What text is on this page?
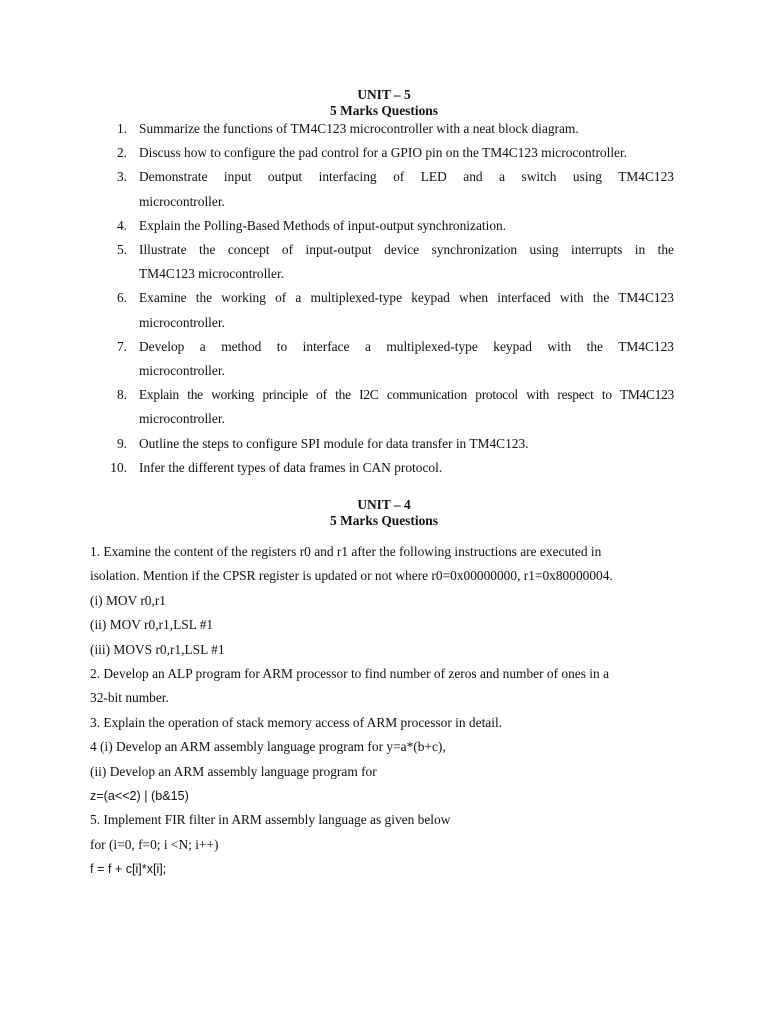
UNIT – 5
5 Marks Questions
1. Summarize the functions of TM4C123 microcontroller with a neat block diagram.
2. Discuss how to configure the pad control for a GPIO pin on the TM4C123 microcontroller.
3. Demonstrate input output interfacing of LED and a switch using TM4C123
microcontroller.
4. Explain the Polling-Based Methods of input-output synchronization.
5. Illustrate the concept of input-output device synchronization using interrupts in the
TM4C123 microcontroller.
6. Examine the working of a multiplexed-type keypad when interfaced with the TM4C123
microcontroller.
7. Develop a method to interface a multiplexed-type keypad with the TM4C123
microcontroller.
8. Explain the working principle of the I2C communication protocol with respect to TM4C123
microcontroller.
9. Outline the steps to configure SPI module for data transfer in TM4C123.
10. Infer the different types of data frames in CAN protocol.
UNIT – 4
5 Marks Questions
1. Examine the content of the registers r0 and r1 after the following instructions are executed in
isolation. Mention if the CPSR register is updated or not where r0=0x00000000, r1=0x80000004.
(i) MOV r0,r1
(ii) MOV r0,r1,LSL #1
(iii) MOVS r0,r1,LSL #1
2. Develop an ALP program for ARM processor to find number of zeros and number of ones in a
32-bit number.
3. Explain the operation of stack memory access of ARM processor in detail.
4 (i) Develop an ARM assembly language program for y=a*(b+c),
(ii) Develop an ARM assembly language program for
z=(a<<2) | (b&15)
5. Implement FIR filter in ARM assembly language as given below
for (i=0, f=0; i <N; i++)
f = f + c[i]*x[i];
